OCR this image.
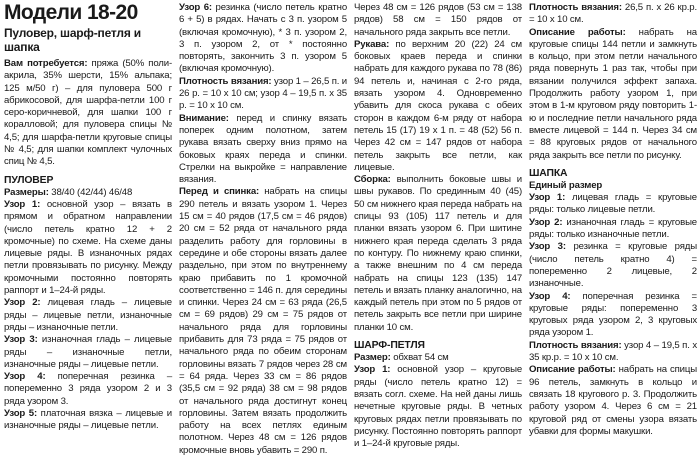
Модели 18-20
Пуловер, шарф-петля и шапка

Вам потребуется: пряжа (50% поли-акрила, 35% шерсти, 15% альпака; 125 м/50 г) – для пуловера 500 г абрикосовой, для шарфа-петли 100 г серо-коричневой, для шапки 100 г коралловой; для пуловера спицы № 4,5; для шарфа-петли круговые спицы № 4,5; для шапки комплект чулочных спиц № 4,5.

ПУЛОВЕР

Размеры: 38/40 (42/44) 46/48

Узор 1: основной узор – вязать в прямом и обратном направлении (число петель кратно 12 + 2 кромочные) по схеме. На схеме даны лицевые ряды. В изнаночных рядах петли провязывать по рисунку. Между кромочными постоянно повторять раппорт и 1–24-й ряды.

Узор 2: лицевая гладь – лицевые ряды – лицевые петли, изнаночные ряды – изнаночные петли.

Узор 3: изнаночная гладь – лицевые ряды – изнаночные петли, изнаночные ряды – лицевые петли.

Узор 4: поперечная резинка – попеременно 3 ряда узором 2 и 3 ряда узором 3.

Узор 5: платочная вязка – лицевые и изнаночные ряды – лицевые петли.

Узор 6: резинка (число петель кратно 6 + 5) в рядах. Начать с 3 п. узором 5 (включая кромочную), * 3 п. узором 2, 3 п. узором 2, от * постоянно повторять, закончить 3 п. узором 5 (включая кромочную).

Плотность вязания: узор 1 – 26,5 п. и 26 р. = 10 x 10 см; узор 4 – 19,5 п. x 35 р. = 10 x 10 см.

Внимание: перед и спинку вязать поперек одним полотном, затем рукава вязать сверху вниз прямо на боковых краях переда и спинки. Стрелки на выкройке = направление вязания.

Перед и спинка: набрать на спицы 290 петель и вязать узором 1. Через 15 см = 40 рядов (17,5 см = 46 рядов) 20 см = 52 ряда от начального ряда разделить работу для горловины в середине и обе стороны вязать далее раздельно, при этом по внутреннему краю прибавить по 1 кромочной соответственно = 146 п. для середины и спинки. Через 24 см = 63 ряда (26,5 см = 69 рядов) 29 см = 75 рядов от начального ряда для горловины прибавить для 73 ряда = 75 рядов от начального ряда по обеим сторонам горловины вязать 7 рядов через 28 см = 64 ряда. Через 33 см = 86 рядов (35,5 см = 92 ряда) 38 см = 98 рядов от начального ряда достигнут конец горловины. Затем вязать продолжить работу на всех петлях единым полотном. Через 48 см = 126 рядов кромочные вновь убавить = 290 п.

Через 48 см = 126 рядов (53 см = 138 рядов) 58 см = 150 рядов от начального ряда закрыть все петли.

Рукава: по верхним 20 (22) 24 см боковых краев переда и спинки набрать для каждого рукава по 78 (86) 94 петель и, начиная с 2-го ряда, вязать узором 4. Одновременно убавить для скоса рукава с обеих сторон в каждом 6-м ряду от набора петель 15 (17) 19 x 1 п. = 48 (52) 56 п. Через 42 см = 147 рядов от набора петель закрыть все петли, как лицевые.

Сборка: выполнить боковые швы и швы рукавов. По срединным 40 (45) 50 см нижнего края переда набрать на спицы 93 (105) 117 петель и для планки вязать узором 6. При шитине нижнего края переда сделать 3 ряда по контуру. По нижнему краю спинки, а также внешним по 4 см переда набрать на спицы 123 (135) 147 петель и вязать планку аналогично, на каждый петель при этом по 5 рядов от петель закрыть все петли при ширине планки 10 см.

ШАРФ-ПЕТЛЯ

Размер: обхват 54 см

Узор 1: основной узор – круговые ряды (число петель кратно 12) = вязать согл. схеме. На ней даны лишь нечетные круговые ряды. В четных круговых рядах петли провязывать по рисунку. Постоянно повторять раппорт и 1–24-й круговые ряды.

Плотность вязания: 26,5 п. x 26 кр.р. = 10 x 10 см.

Описание работы: набрать на круговые спицы 144 петли и замкнуть в кольцо, при этом петли начального ряда повернуть 1 раз так, чтобы при вязании получился эффект запаха. Продолжить работу узором 1, при этом в 1-м круговом ряду повторить 1-ю и последние петли начального ряда вместе лицевой = 144 п. Через 34 см = 88 круговых рядов от начального ряда закрыть все петли по рисунку.

ШАПКА

Единый размер

Узор 1: лицевая гладь = круговые ряды: только лицевые петли.

Узор 2: изнаночная гладь = круговые ряды: только изнаночные петли.

Узор 3: резинка = круговые ряды (число петель кратно 4) = попеременно 2 лицевые, 2 изнаночные.

Узор 4: поперечная резинка = круговые ряды: попеременно 3 круговых ряда узором 2, 3 круговых ряда узором 1.

Плотность вязания: узор 4 – 19,5 п. x 35 кр.р. = 10 x 10 см.

Описание работы: набрать на спицы 96 петель, замкнуть в кольцо и связать 18 кругового р. 3. Продолжить работу узором 4. Через 6 см = 21 круговой ряд от смены узора вязать убавки для формы макушки.
